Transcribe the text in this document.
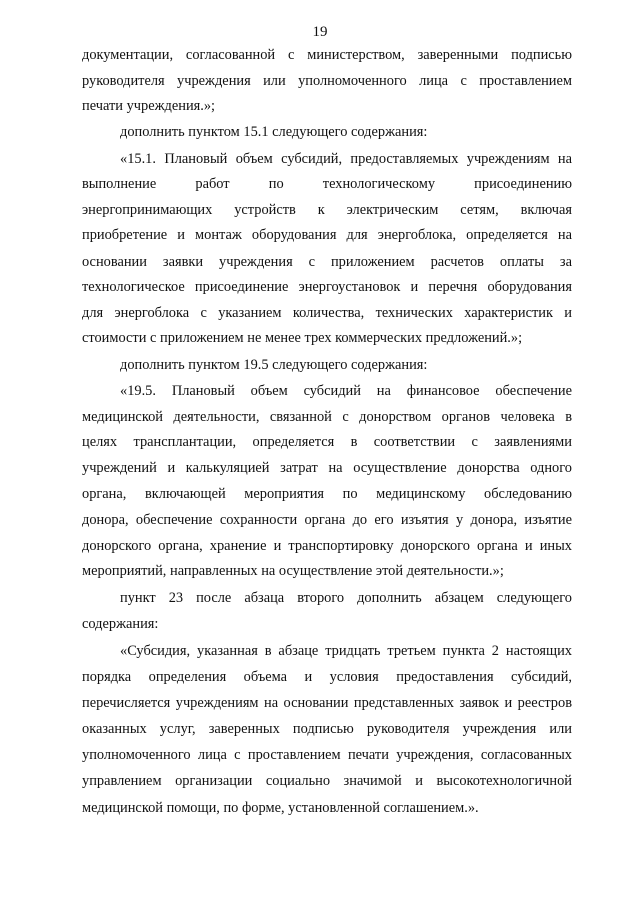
19
документации, согласованной с министерством, заверенными подписью
руководителя учреждения или уполномоченного лица с проставлением
печати учреждения.»;
дополнить пунктом 15.1 следующего содержания:
«15.1. Плановый объем субсидий, предоставляемых учреждениям на
выполнение работ по технологическому присоединению
энергопринимающих устройств к электрическим сетям, включая
приобретение и монтаж оборудования для энергоблока, определяется на
основании заявки учреждения с приложением расчетов оплаты за
технологическое присоединение энергоустановок и перечня оборудования
для энергоблока с указанием количества, технических характеристик и
стоимости с приложением не менее трех коммерческих предложений.»;
дополнить пунктом 19.5 следующего содержания:
«19.5. Плановый объем субсидий на финансовое обеспечение
медицинской деятельности, связанной с донорством органов человека в
целях трансплантации, определяется в соответствии с заявлениями
учреждений и калькуляцией затрат на осуществление донорства одного
органа, включающей мероприятия по медицинскому обследованию
донора, обеспечение сохранности органа до его изъятия у донора, изъятие
донорского органа, хранение и транспортировку донорского органа и иных
мероприятий, направленных на осуществление этой деятельности.»;
пункт 23 после абзаца второго дополнить абзацем следующего
содержания:
«Субсидия, указанная в абзаце тридцать третьем пункта 2 настоящих
порядка определения объема и условия предоставления субсидий,
перечисляется учреждениям на основании представленных заявок и реестров
оказанных услуг, заверенных подписью руководителя учреждения или
уполномоченного лица с проставлением печати учреждения, согласованных
управлением организации социально значимой и высокотехнологичной
медицинской помощи, по форме, установленной соглашением.».
